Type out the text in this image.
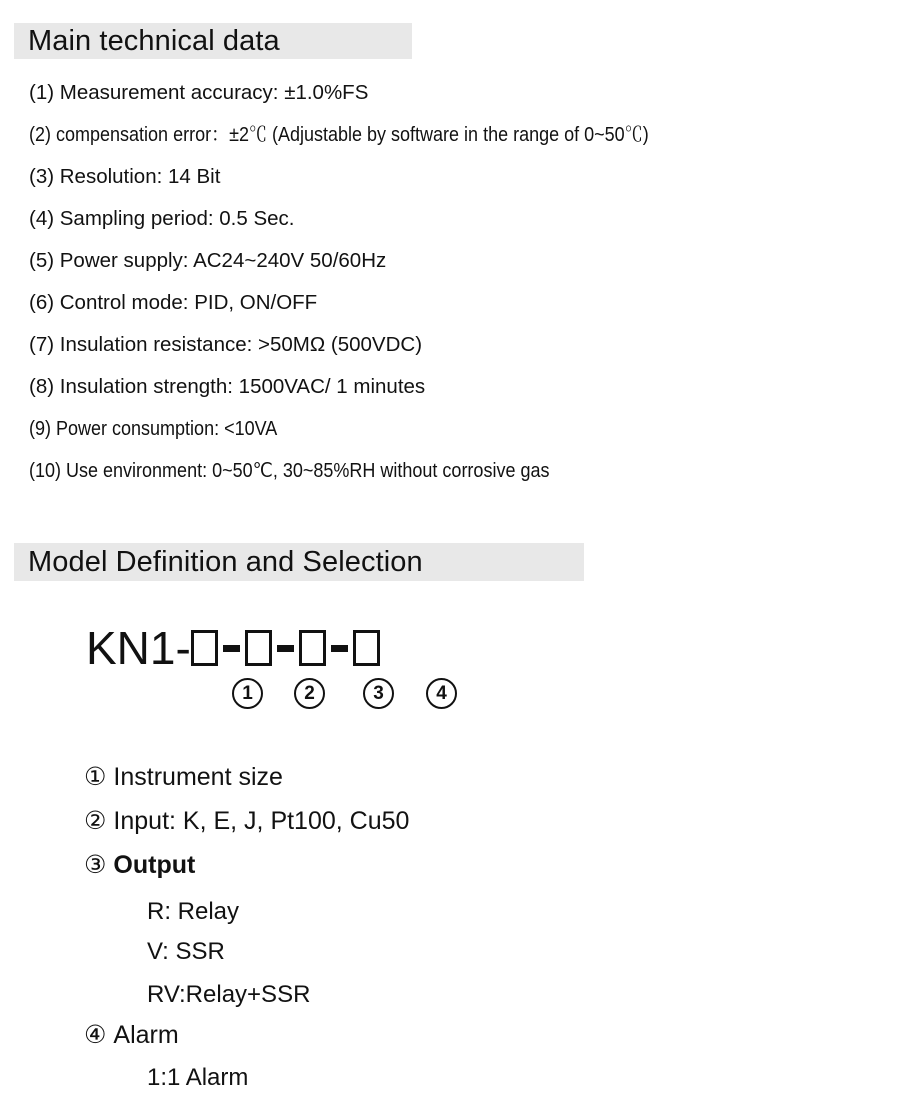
Main technical data
(1) Measurement accuracy: ±1.0%FS
(2) compensation error：±2℃ (Adjustable by software in the range of 0~50℃)
(3) Resolution: 14 Bit
(4) Sampling period: 0.5 Sec.
(5) Power supply: AC24~240V 50/60Hz
(6) Control mode: PID, ON/OFF
(7) Insulation resistance: >50MΩ (500VDC)
(8) Insulation strength: 1500VAC/ 1 minutes
(9) Power consumption: <10VA
(10) Use environment: 0~50℃, 30~85%RH without corrosive gas
Model Definition and Selection
KN1-
1	2	3	4
① Instrument size
② Input: K, E, J, Pt100, Cu50
③ Output
R: Relay
V: SSR
RV:Relay+SSR
④ Alarm
1:1 Alarm
